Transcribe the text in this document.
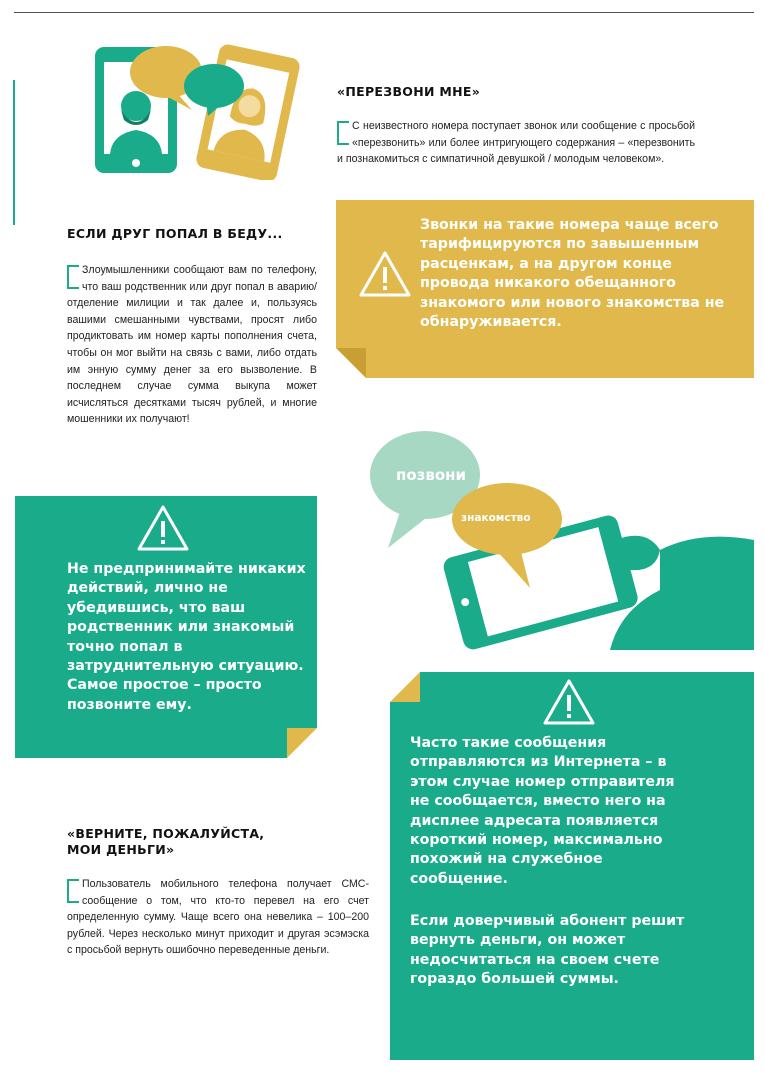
«ПЕРЕЗВОНИ МНЕ»

С неизвестного номера поступает звонок или сообщение с просьбой «перезвонить» или более интригующего содержания – «перезвонить и познакомиться с симпатичной девушкой / молодым человеком».

Звонки на такие номера чаще всего тарифицируются по завышенным расценкам, а на другом конце провода никакого обещанного знакомого или нового знакомства не обнаруживается.

ЕСЛИ ДРУГ ПОПАЛ В БЕДУ...

Злоумышленники сообщают вам по телефону, что ваш родственник или друг попал в аварию/отделение милиции и так далее и, пользуясь вашими смешанными чувствами, просят либо продиктовать им номер карты пополнения счета, чтобы он мог выйти на связь с вами, либо отдать им энную сумму денег за его вызволение. В последнем случае сумма выкупа может исчисляться десятками тысяч рублей, и многие мошенники их получают!

Не предпринимайте никаких действий, лично не убедившись, что ваш родственник или знакомый точно попал в затруднительную ситуацию. Самое простое – просто позвоните ему.

позвони
знакомство

Часто такие сообщения отправляются из Интернета – в этом случае номер отправителя не сообщается, вместо него на дисплее адресата появляется короткий номер, максимально похожий на служебное сообщение.

Если доверчивый абонент решит вернуть деньги, он может недосчитаться на своем счете гораздо большей суммы.

«ВЕРНИТЕ, ПОЖАЛУЙСТА,
МОИ ДЕНЬГИ»

Пользователь мобильного телефона получает СМС-сообщение о том, что кто-то перевел на его счет определенную сумму. Чаще всего она невелика – 100–200 рублей. Через несколько минут приходит и другая эсэмэска с просьбой вернуть ошибочно переведенные деньги.
